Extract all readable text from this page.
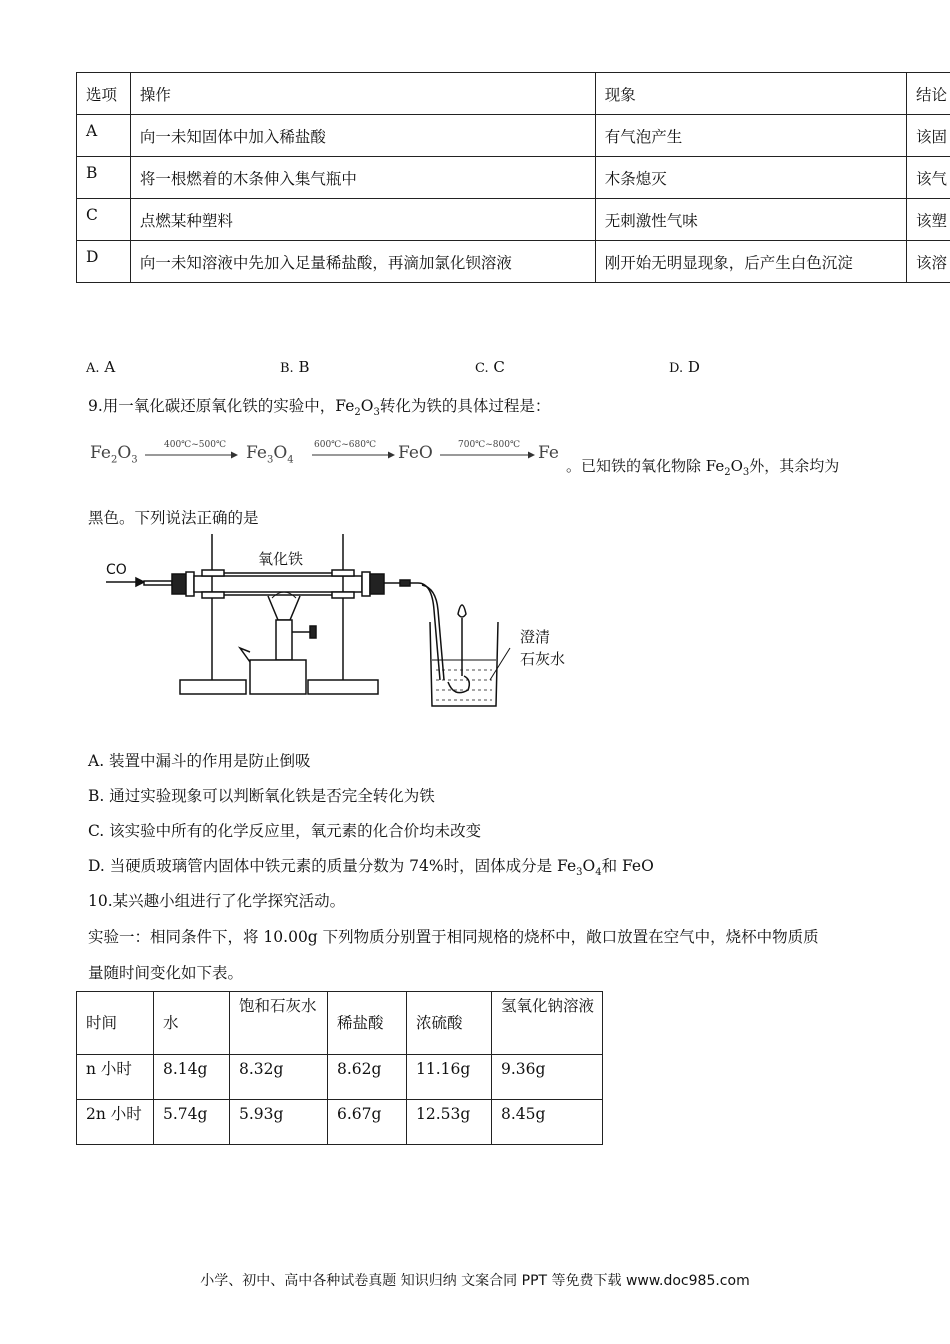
选项	操作	现象	结论
A	向一未知固体中加入稀盐酸	有气泡产生	该固
B	将一根燃着的木条伸入集气瓶中	木条熄灭	该气
C	点燃某种塑料	无刺激性气味	该塑
D	向一未知溶液中先加入足量稀盐酸，再滴加氯化钡溶液	刚开始无明显现象，后产生白色沉淀	该溶
A. A	B. B	C. C	D. D
9.用一氧化碳还原氧化铁的实验中，$Fe_2O_3$转化为铁的具体过程是：
$Fe_2O_3$
400℃~500℃ $Fe_3O_4$
600℃~680℃ FeO	700℃~800℃ Fe
。已知铁的氧化物除 $Fe_2O_3$外，其余均为
黑色。下列说法正确的是
CO
氧化铁
澄清
石灰水
A. 装置中漏斗的作用是防止倒吸
B. 通过实验现象可以判断氧化铁是否完全转化为铁
C. 该实验中所有的化学反应里，氧元素的化合价均未改变
D. 当硬质玻璃管内固体中铁元素的质量分数为 74%时，固体成分是 $Fe_3O_4$和 FeO
10.某兴趣小组进行了化学探究活动。
实验一：相同条件下，将 10.00g 下列物质分别置于相同规格的烧杯中，敞口放置在空气中，烧杯中物质质
量随时间变化如下表。
时间	水	饱和石灰水	稀盐酸	浓硫酸	氢氧化钠溶液
n 小时	8.14g	8.32g	8.62g	11.16g	9.36g
2n 小时	5.74g	5.93g	6.67g	12.53g	8.45g
小学、初中、高中各种试卷真题 知识归纳 文案合同 PPT 等免费下载 www.doc985.com
